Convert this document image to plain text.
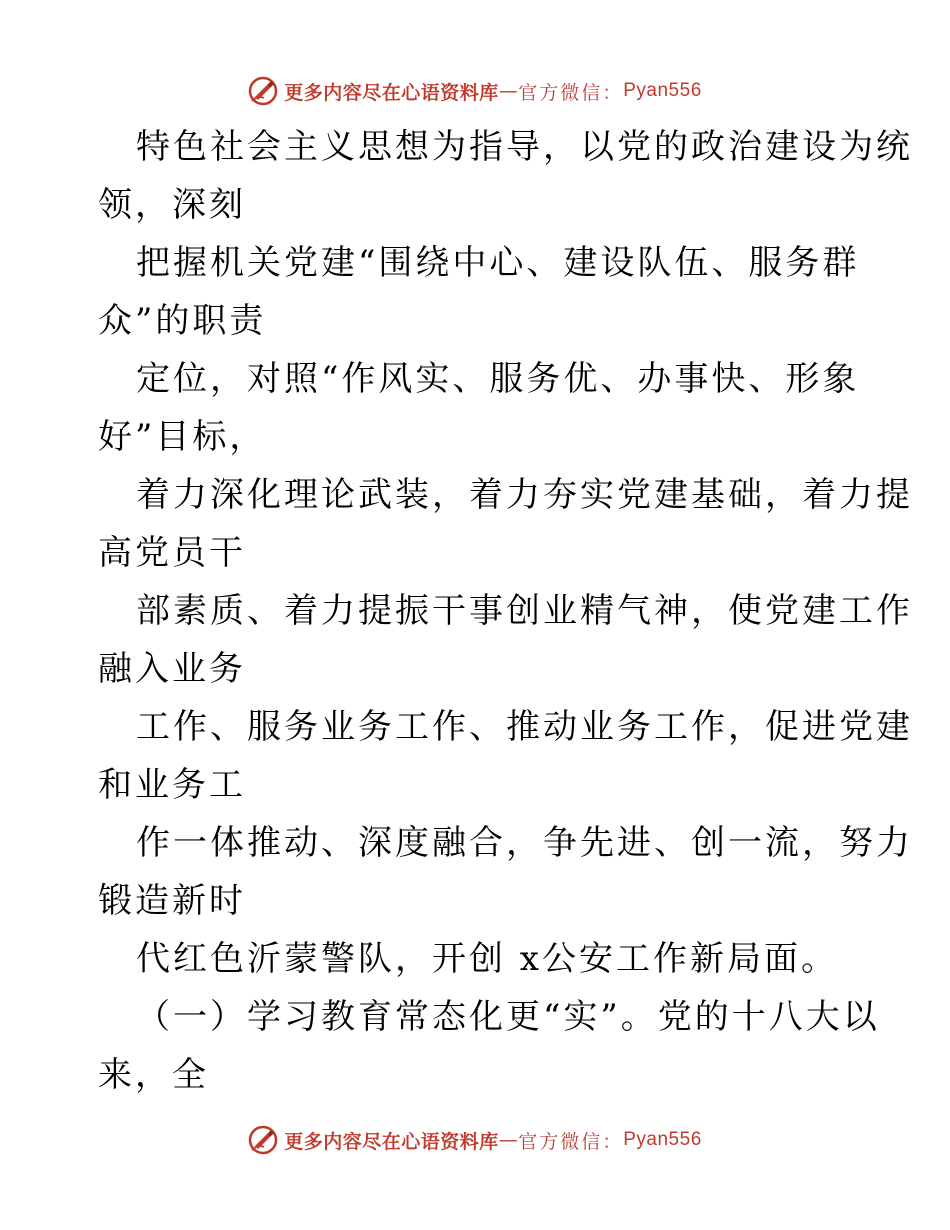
更多内容尽在心语资料库 — 官方微信： Pyan556

特色社会主义思想为指导，以党的政治建设为统

领，深刻

把握机关党建“围绕中心、建设队伍、服务群

众”的职责

定位，对照“作风实、服务优、办事快、形象

好”目标，

着力深化理论武装，着力夯实党建基础，着力提

高党员干

部素质、着力提振干事创业精气神，使党建工作

融入业务

工作、服务业务工作、推动业务工作，促进党建

和业务工

作一体推动、深度融合，争先进、创一流，努力

锻造新时

代红色沂蒙警队，开创 x公安工作新局面。

（一）学习教育常态化更“实”。党的十八大以

来，全

更多内容尽在心语资料库 — 官方微信： Pyan556
